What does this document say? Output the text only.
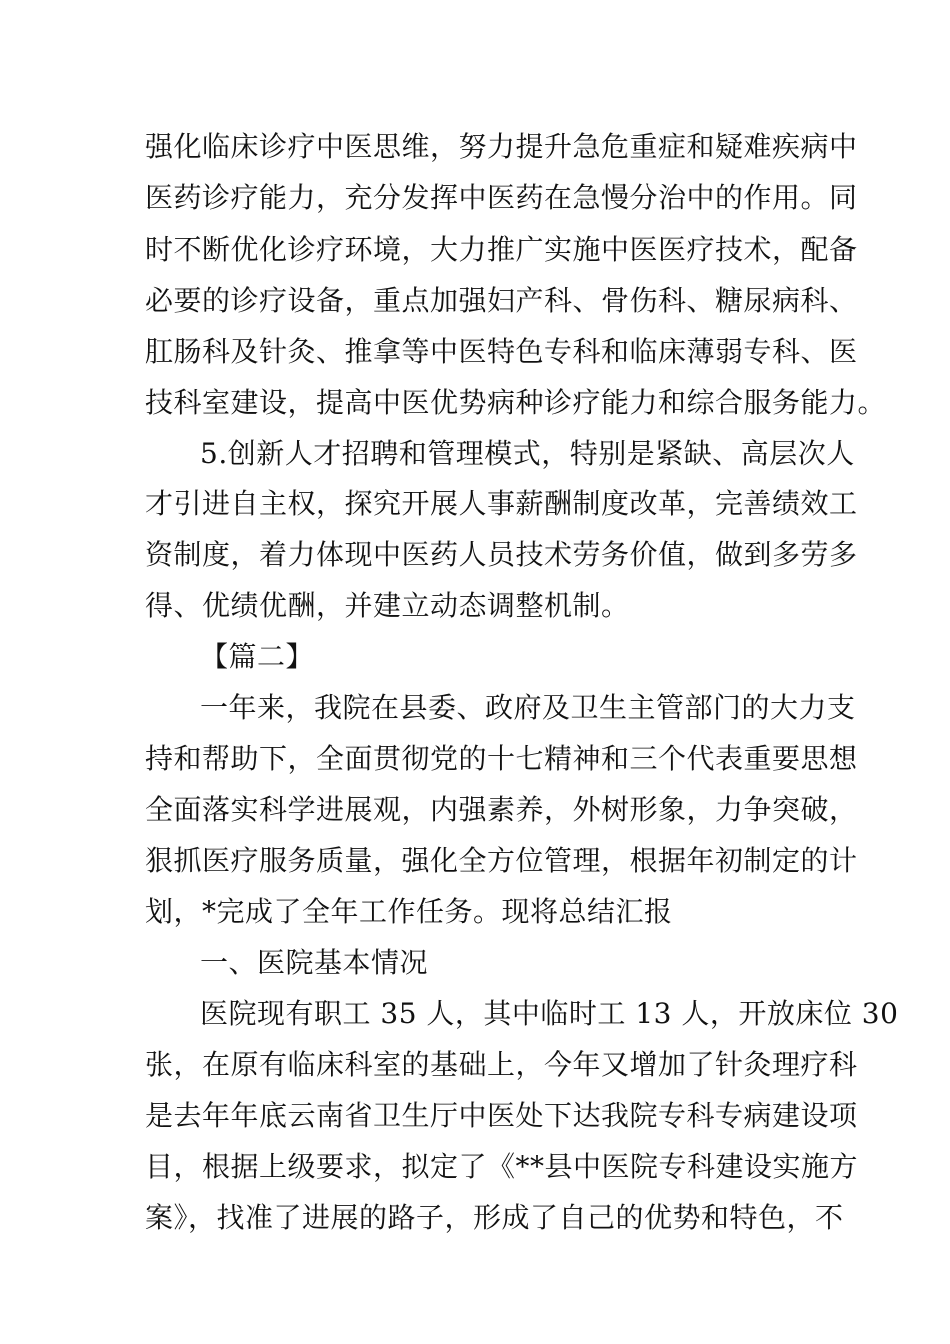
强化临床诊疗中医思维，努力提升急危重症和疑难疾病中
医药诊疗能力，充分发挥中医药在急慢分治中的作用。同
时不断优化诊疗环境，大力推广实施中医医疗技术，配备
必要的诊疗设备，重点加强妇产科、骨伤科、糖尿病科、
肛肠科及针灸、推拿等中医特色专科和临床薄弱专科、医
技科室建设，提高中医优势病种诊疗能力和综合服务能力。
5.创新人才招聘和管理模式，特别是紧缺、高层次人
才引进自主权，探究开展人事薪酬制度改革，完善绩效工
资制度，着力体现中医药人员技术劳务价值，做到多劳多
得、优绩优酬，并建立动态调整机制。
【篇二】
一年来，我院在县委、政府及卫生主管部门的大力支
持和帮助下，全面贯彻党的十七精神和三个代表重要思想
全面落实科学进展观，内强素养，外树形象，力争突破，
狠抓医疗服务质量，强化全方位管理，根据年初制定的计
划，*完成了全年工作任务。现将总结汇报
一、医院基本情况
医院现有职工 35 人，其中临时工 13 人，开放床位 30
张，在原有临床科室的基础上，今年又增加了针灸理疗科
是去年年底云南省卫生厅中医处下达我院专科专病建设项
目，根据上级要求，拟定了《**县中医院专科建设实施方
案》，找准了进展的路子，形成了自己的优势和特色，不
